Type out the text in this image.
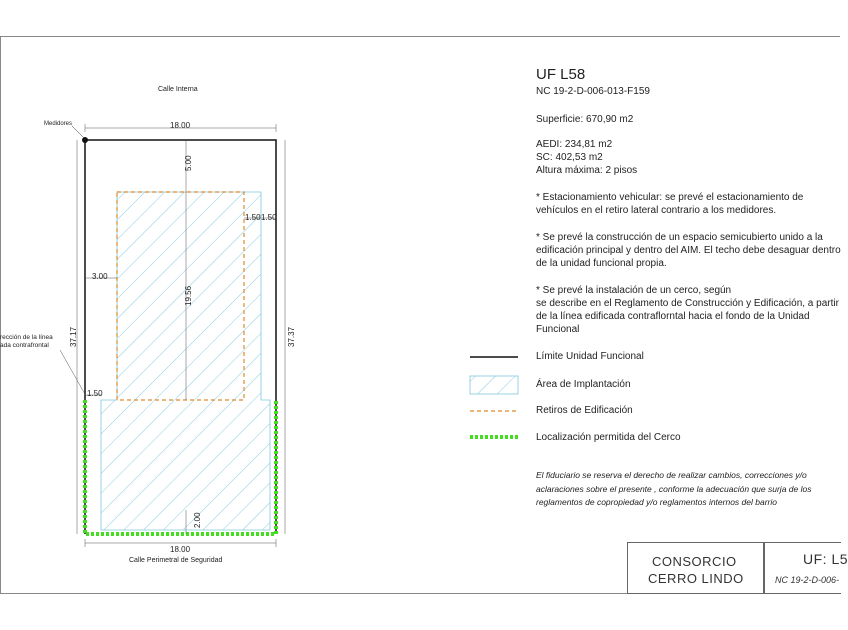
Calle Interna
Calle Perimetral de Seguridad
Medidores	18.00
18.00
37.17	37.37
5.00
3.00
19.56
1.50 1.50
1.50
2.00
rección de la línea
ada contrafrontal
UF L58
NC 19-2-D-006-013-F159
Superficie: 670,90 m2
AEDI: 234,81 m2
SC: 402,53 m2
Altura máxima: 2 pisos
* Estacionamiento vehicular: se prevé el estacionamiento de
vehículos en el retiro lateral contrario a los medidores.
* Se prevé la construcción de un espacio semicubierto unido a la
edificación principal y dentro del AIM. El techo debe desaguar dentro
de la unidad funcional propia.
* Se prevé la instalación de un cerco, según
se describe en el Reglamento de Construcción y Edificación, a partir
de la línea edificada contraflorntal hacia el fondo de la Unidad
Funcional
Límite Unidad Funcional
Área de Implantación
Retiros de Edificación
Localización permitida del Cerco
El fiduciario se reserva el derecho de realizar cambios, correcciones y/o
aclaraciones sobre el presente , conforme la adecuación que surja de los
reglamentos de copropiedad y/o reglamentos internos del barrio
CONSORCIO
CERRO LINDO
UF: L5
NC 19-2-D-006-
